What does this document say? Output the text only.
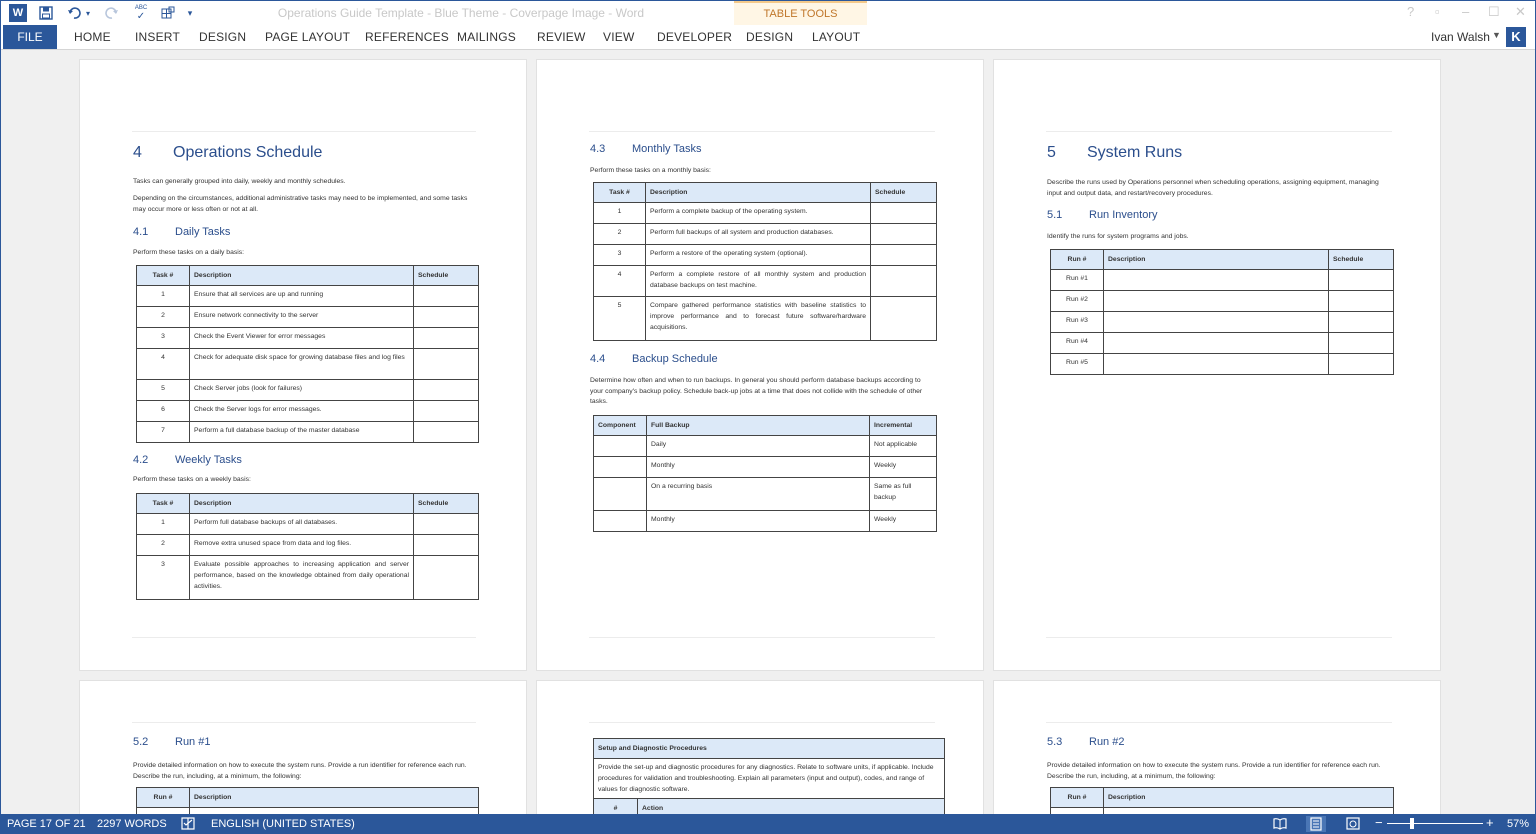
W	▾
ABC
✓	▾	Operations Guide Template - Blue Theme - Coverpage Image - Word	TABLE TOOLS	? ▫ – ☐ ✕
FILE	HOME INSERT DESIGN PAGE LAYOUT REFERENCES MAILINGS REVIEW VIEW DEVELOPER DESIGN LAYOUT	Ivan Walsh ▼ K
4 Operations Schedule
Tasks can generally grouped into daily, weekly and monthly schedules.
Depending on the circumstances, additional administrative tasks may need to be implemented, and some tasks may occur more or less often or not at all.
4.1 Daily Tasks
Perform these tasks on a daily basis:
Task #	Description	Schedule
1	Ensure that all services are up and running	
2	Ensure network connectivity to the server	
3	Check the Event Viewer for error messages	
4	Check for adequate disk space for growing database files and log files	
5	Check Server jobs (look for failures)	
6	Check the Server logs for error messages.	
7	Perform a full database backup of the master database	
4.2 Weekly Tasks
Perform these tasks on a weekly basis:
Task #	Description	Schedule
1	Perform full database backups of all databases.	
2	Remove extra unused space from data and log files.	
3	Evaluate possible approaches to increasing application and server performance, based on the knowledge obtained from daily operational activities.	
4.3 Monthly Tasks
Perform these tasks on a monthly basis:
Task #	Description	Schedule
1	Perform a complete backup of the operating system.	
2	Perform full backups of all system and production databases.	
3	Perform a restore of the operating system (optional).	
4	Perform a complete restore of all monthly system and production database backups on test machine.	
5	Compare gathered performance statistics with baseline statistics to improve performance and to forecast future software/hardware acquisitions.	
4.4 Backup Schedule
Determine how often and when to run backups. In general you should perform database backups according to your company's backup policy. Schedule back-up jobs at a time that does not collide with the schedule of other tasks.
Component	Full Backup	Incremental
	Daily	Not applicable
	Monthly	Weekly
	On a recurring basis	Same as full backup
	Monthly	Weekly
5 System Runs
Describe the runs used by Operations personnel when scheduling operations, assigning equipment, managing input and output data, and restart/recovery procedures.
5.1 Run Inventory
Identify the runs for system programs and jobs.
Run #	Description	Schedule
Run #1		
Run #2		
Run #3		
Run #4		
Run #5		
5.2 Run #1
Provide detailed information on how to execute the system runs. Provide a run identifier for reference each run. Describe the run, including, at a minimum, the following:
Run #	Description

Setup and Diagnostic Procedures
Provide the set-up and diagnostic procedures for any diagnostics. Relate to software units, if applicable. Include procedures for validation and troubleshooting. Explain all parameters (input and output), codes, and range of values for diagnostic software.
#	Action
5.3 Run #2
Provide detailed information on how to execute the system runs. Provide a run identifier for reference each run. Describe the run, including, at a minimum, the following:
Run #	Description

PAGE 17 OF 21 2297 WORDS	ENGLISH (UNITED STATES)	−	+ 57%
